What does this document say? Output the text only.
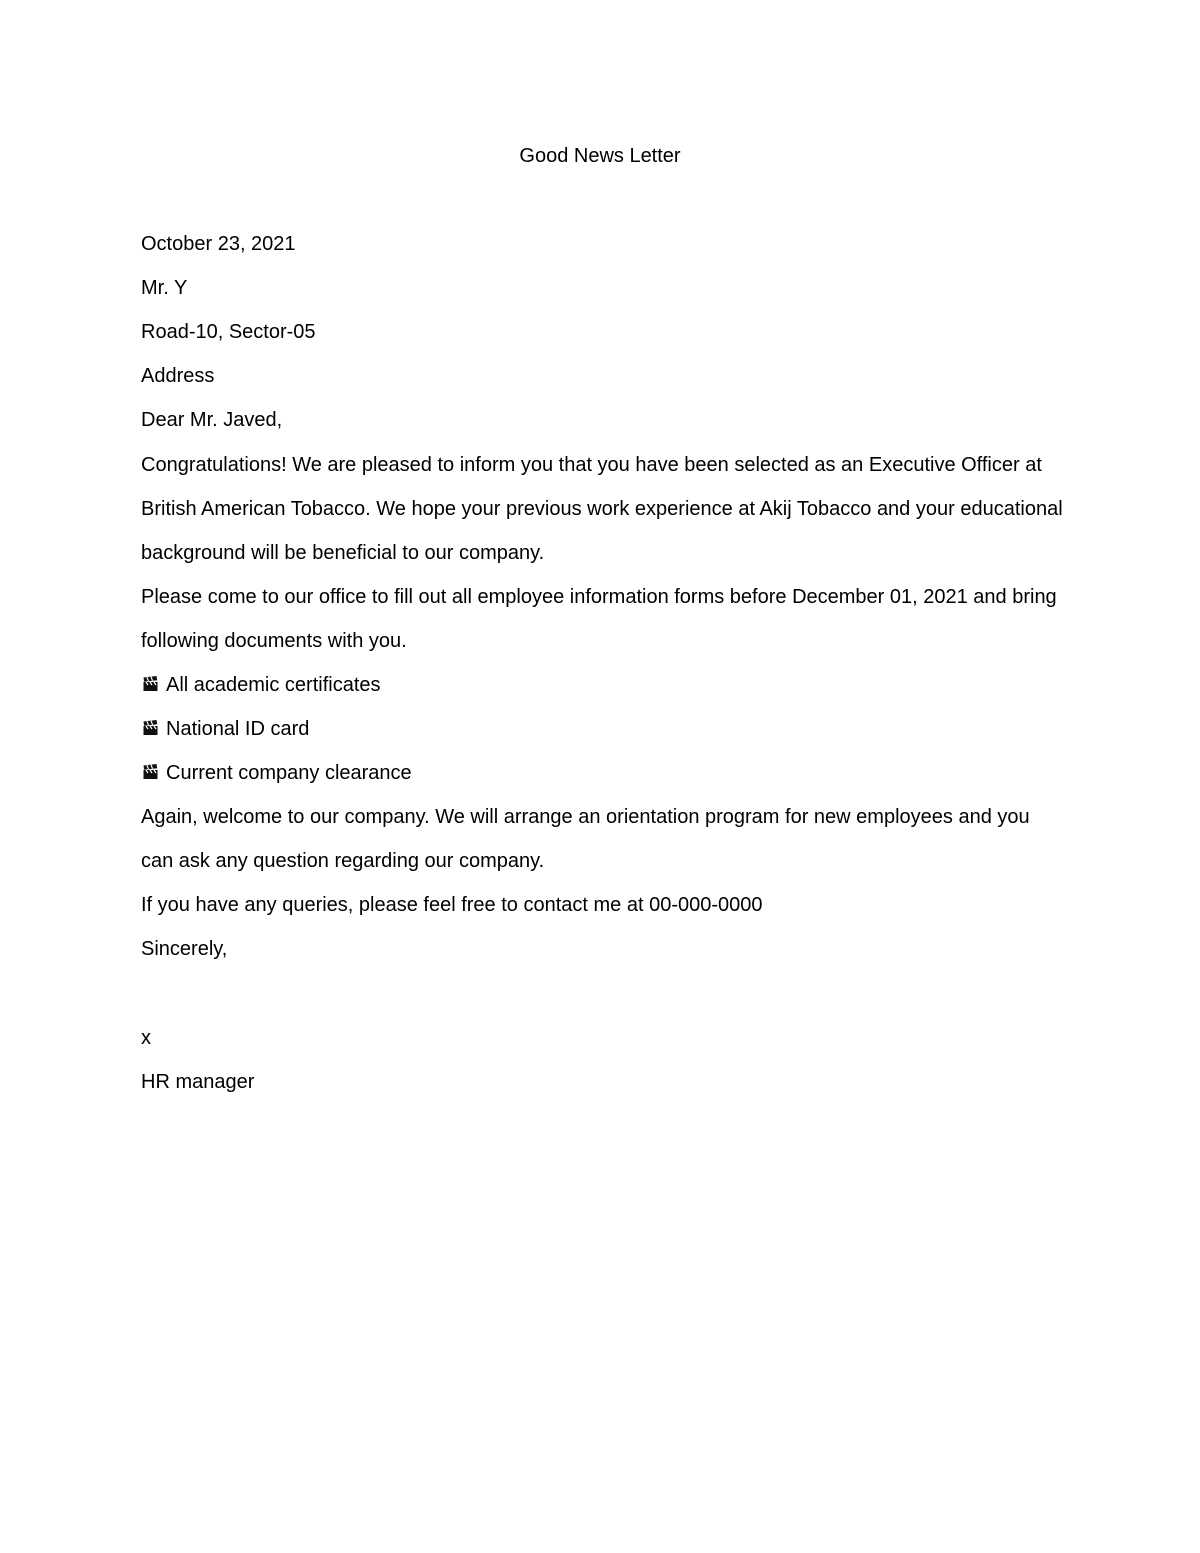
Good News Letter

October 23, 2021

Mr. Y

Road-10, Sector-05

Address

Dear Mr. Javed,

Congratulations! We are pleased to inform you that you have been selected as an Executive Officer at

British American Tobacco. We hope your previous work experience at Akij Tobacco and your educational

background will be beneficial to our company.

Please come to our office to fill out all employee information forms before December 01, 2021 and bring

following documents with you.

All academic certificates
National ID card
Current company clearance

Again, welcome to our company. We will arrange an orientation program for new employees and you

can ask any question regarding our company.

If you have any queries, please feel free to contact me at 00-000-0000

Sincerely,

x

HR manager
